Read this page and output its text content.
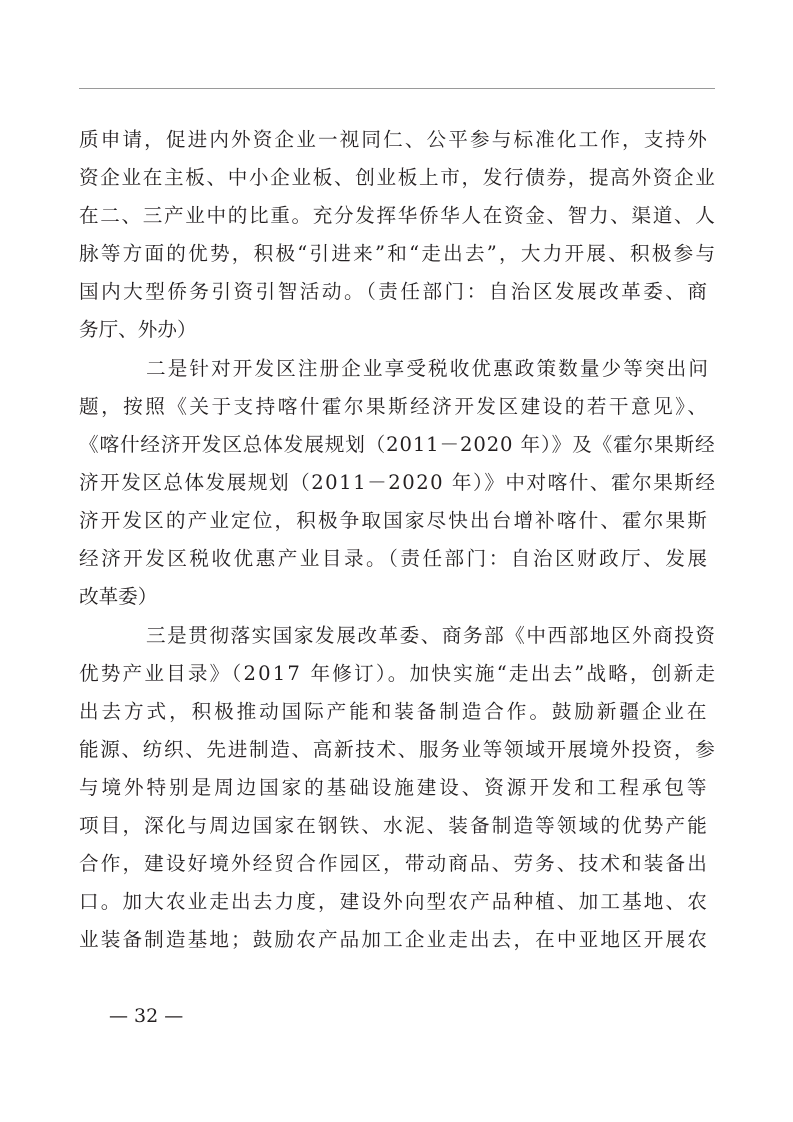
质申请，促进内外资企业一视同仁、公平参与标准化工作，支持外
资企业在主板、中小企业板、创业板上市，发行债券，提高外资企业
在二、三产业中的比重。充分发挥华侨华人在资金、智力、渠道、人
脉等方面的优势，积极“引进来”和“走出去”，大力开展、积极参与
国内大型侨务引资引智活动。（责任部门：自治区发展改革委、商
务厅、外办）
二是针对开发区注册企业享受税收优惠政策数量少等突出问
题，按照《关于支持喀什霍尔果斯经济开发区建设的若干意见》、
《喀什经济开发区总体发展规划（2011－2020 年）》及《霍尔果斯经
济开发区总体发展规划（2011－2020 年）》中对喀什、霍尔果斯经
济开发区的产业定位，积极争取国家尽快出台增补喀什、霍尔果斯
经济开发区税收优惠产业目录。（责任部门：自治区财政厅、发展
改革委）
三是贯彻落实国家发展改革委、商务部《中西部地区外商投资
优势产业目录》（2017 年修订）。加快实施“走出去”战略，创新走
出去方式，积极推动国际产能和装备制造合作。鼓励新疆企业在
能源、纺织、先进制造、高新技术、服务业等领域开展境外投资，参
与境外特别是周边国家的基础设施建设、资源开发和工程承包等
项目，深化与周边国家在钢铁、水泥、装备制造等领域的优势产能
合作，建设好境外经贸合作园区，带动商品、劳务、技术和装备出
口。加大农业走出去力度，建设外向型农产品种植、加工基地、农
业装备制造基地；鼓励农产品加工企业走出去，在中亚地区开展农
— 32 —
